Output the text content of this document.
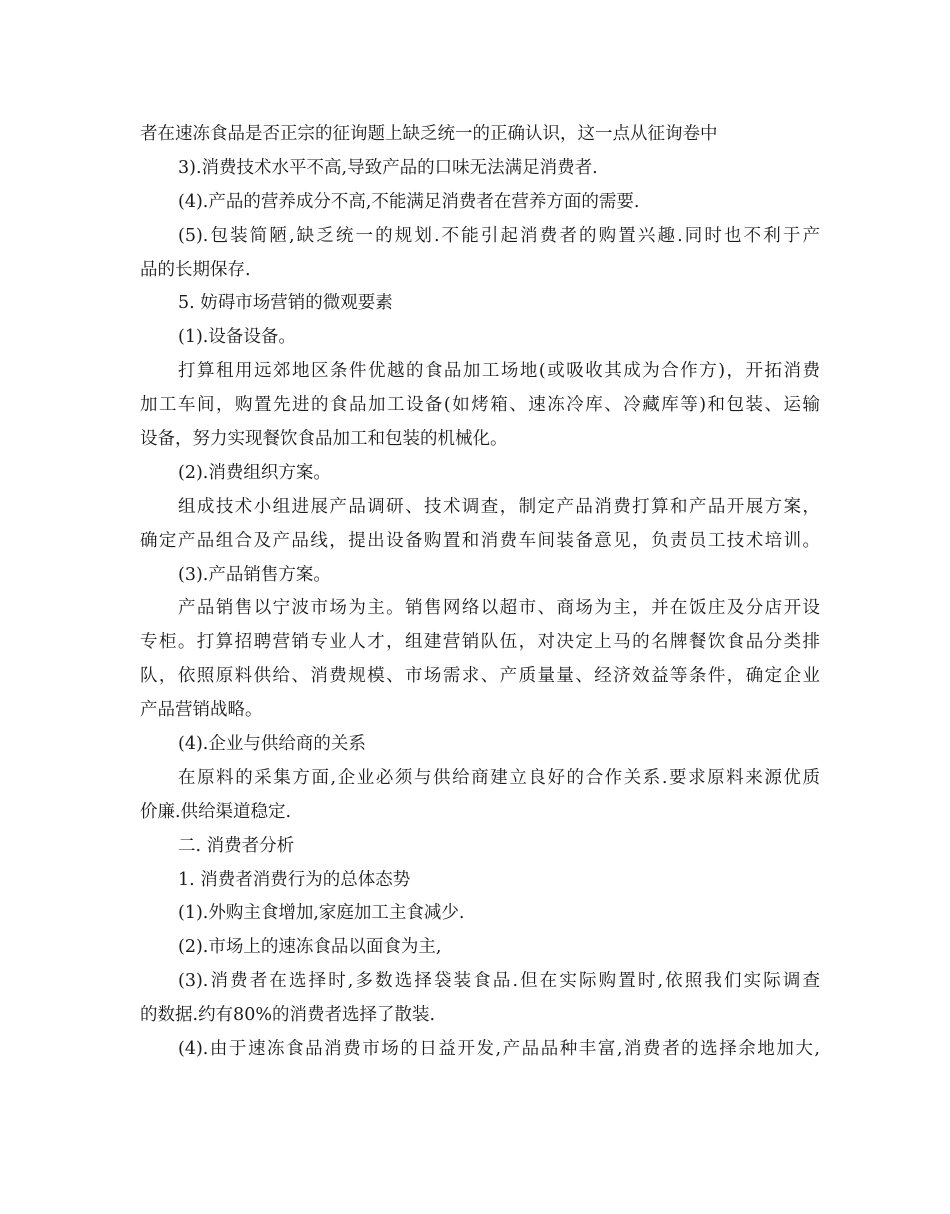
者在速冻食品是否正宗的征询题上缺乏统一的正确认识，这一点从征询卷中
3).消费技术水平不高,导致产品的口味无法满足消费者.
(4).产品的营养成分不高,不能满足消费者在营养方面的需要.
(5).包装简陋,缺乏统一的规划.不能引起消费者的购置兴趣.同时也不利于产
品的长期保存.
5. 妨碍市场营销的微观要素
(1).设备设备。
打算租用远郊地区条件优越的食品加工场地(或吸收其成为合作方)，开拓消费
加工车间，购置先进的食品加工设备(如烤箱、速冻冷库、冷藏库等)和包装、运输
设备，努力实现餐饮食品加工和包装的机械化。
(2).消费组织方案。
组成技术小组进展产品调研、技术调查，制定产品消费打算和产品开展方案，
确定产品组合及产品线，提出设备购置和消费车间装备意见，负责员工技术培训。
(3).产品销售方案。
产品销售以宁波市场为主。销售网络以超市、商场为主，并在饭庄及分店开设
专柜。打算招聘营销专业人才，组建营销队伍，对决定上马的名牌餐饮食品分类排
队，依照原料供给、消费规模、市场需求、产质量量、经济效益等条件，确定企业
产品营销战略。
(4).企业与供给商的关系
在原料的采集方面,企业必须与供给商建立良好的合作关系.要求原料来源优质
价廉.供给渠道稳定.
二. 消费者分析
1. 消费者消费行为的总体态势
(1).外购主食增加,家庭加工主食减少.
(2).市场上的速冻食品以面食为主,
(3).消费者在选择时,多数选择袋装食品.但在实际购置时,依照我们实际调查
的数据.约有80%的消费者选择了散装.
(4).由于速冻食品消费市场的日益开发,产品品种丰富,消费者的选择余地加大,
